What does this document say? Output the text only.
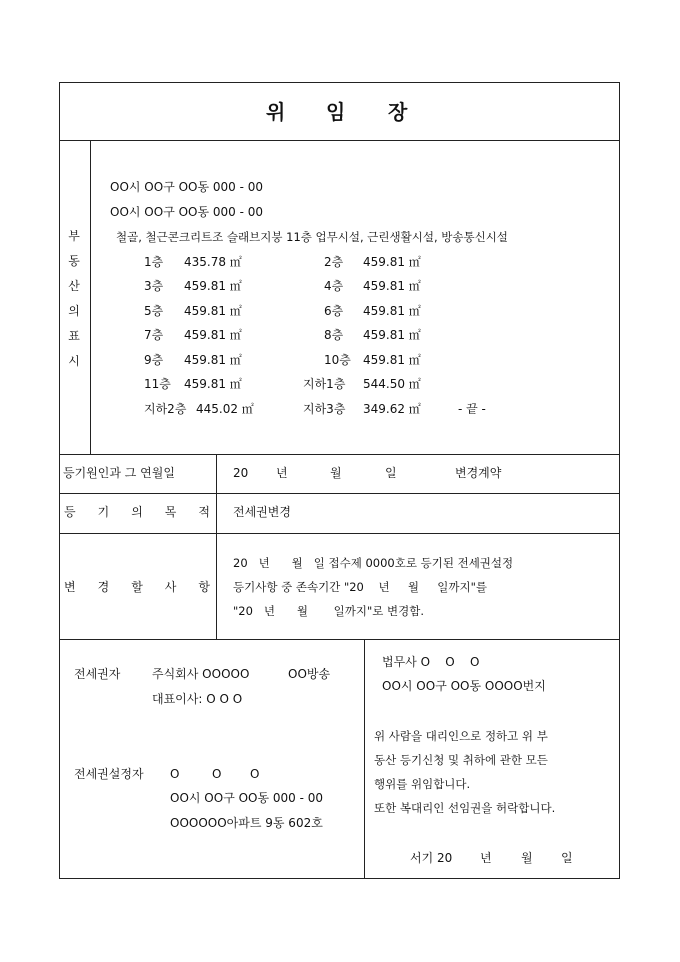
위 임 장
부
동
산
의
표
시
OO시 OO구 OO동 000 - 00
OO시 OO구 OO동 000 - 00
철골, 철근콘크리트조 슬래브지붕 11층 업무시설, 근린생활시설, 방송통신시설
1층 435.78 ㎡	2층 459.81 ㎡
3층 459.81 ㎡	4층 459.81 ㎡
5층 459.81 ㎡	6층 459.81 ㎡
7층 459.81 ㎡	8층 459.81 ㎡
9층 459.81 ㎡	10층 459.81 ㎡
11층 459.81 ㎡	지하1층 544.50 ㎡
지하2층 445.02 ㎡	지하3층 349.62 ㎡	- 끝 -
등기원인과 그 연월일	20 년	월	일	변경계약
등 기 의 목 적 전세권변경
변 경 할 사 항
20   년      월   일 접수제 0000호로 등기된 전세권설정
등기사항 중 존속기간 "20    년     월     일까지"를
"20   년      월       일까지"로 변경함.
전세권자	주식회사 OOOOO	OO방송
대표이사: O O O
전세권설정자 O	O O
OO시 OO구 OO동 000 - 00
OOOOOO아파트 9동 602호
법무사 O    O    O
OO시 OO구 OO동 OOOO번지
위 사람을 대리인으로 정하고 위 부
동산 등기신청 및 취하에 관한 모든
행위를 위임합니다.
또한 복대리인 선임권을 허락합니다.
서기 20 년 월 일
